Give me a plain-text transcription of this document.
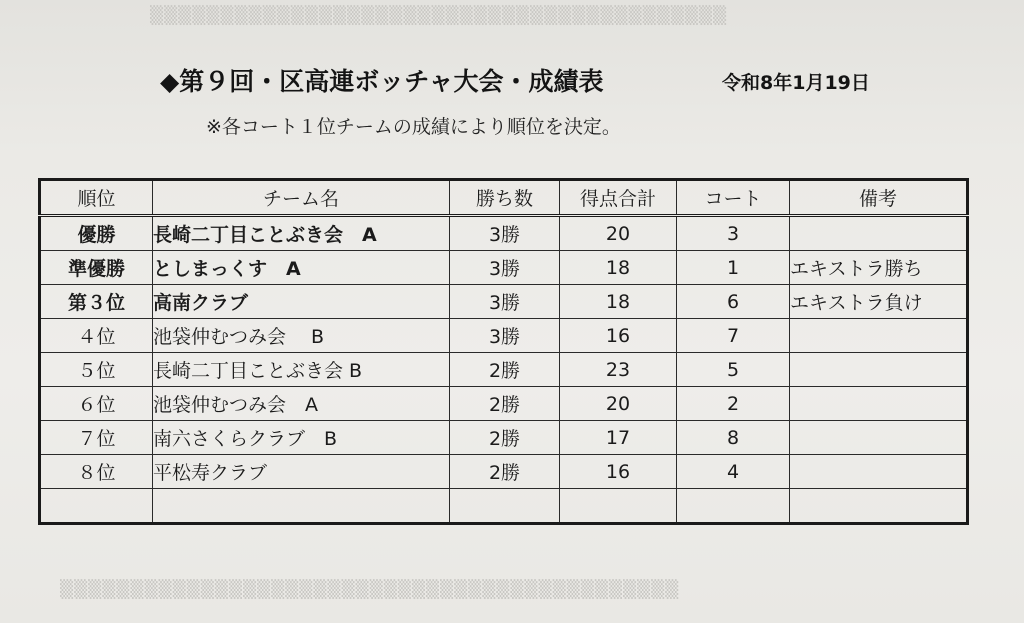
▒▒▒▒▒▒▒▒▒▒▒▒▒▒▒▒▒▒▒▒▒▒▒▒▒▒▒▒▒▒▒▒▒▒▒▒▒▒▒▒▒
▒▒▒▒▒▒▒▒▒▒▒▒▒▒▒▒▒▒▒▒▒▒▒▒▒▒▒▒▒▒▒▒▒▒▒▒▒▒▒▒▒▒▒▒
◆第９回・区高連ボッチャ大会・成績表	令和8年1月19日
※各コート１位チームの成績により順位を決定。
順位	チーム名	勝ち数	得点合計	コート	備考
優勝	長崎二丁目ことぶき会　A	3勝	20	3	
準優勝	としまっくす　A	3勝	18	1	エキストラ勝ち
第３位	高南クラブ	3勝	18	6	エキストラ負け
４位	池袋仲むつみ会　 B	3勝	16	7	
５位	長崎二丁目ことぶき会 B	2勝	23	5	
６位	池袋仲むつみ会　A	2勝	20	2	
７位	南六さくらクラブ　B	2勝	17	8	
８位	平松寿クラブ	2勝	16	4	
